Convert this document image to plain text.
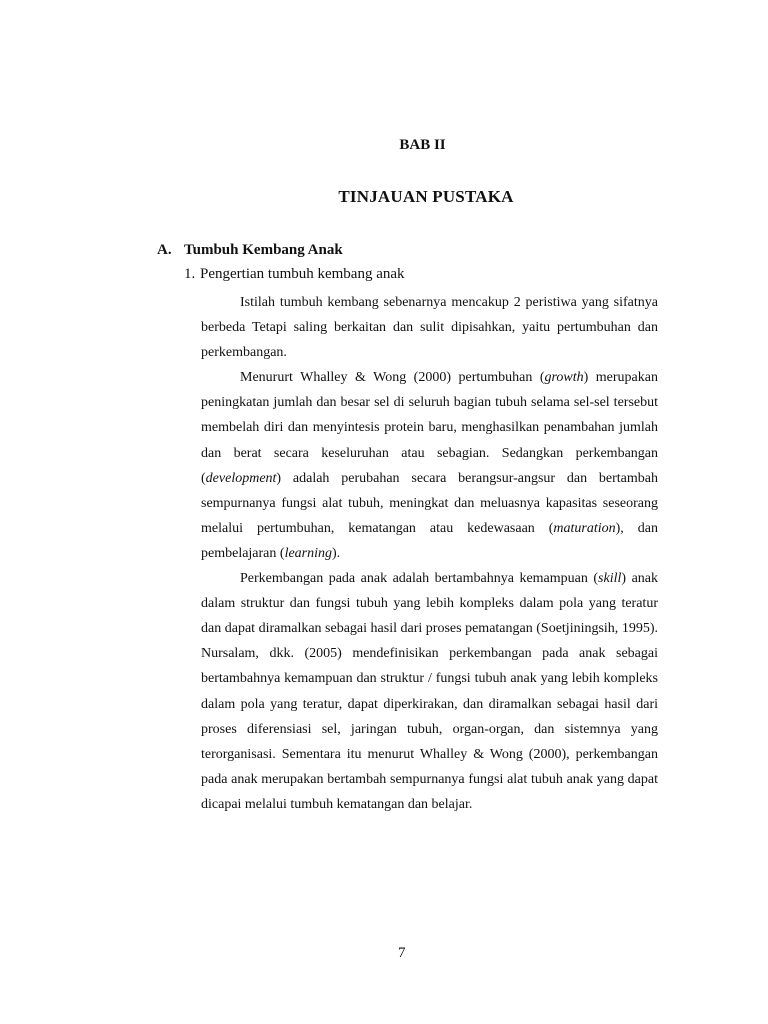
BAB II
TINJAUAN PUSTAKA
A. Tumbuh Kembang Anak
1. Pengertian tumbuh kembang anak

Istilah tumbuh kembang sebenarnya mencakup 2 peristiwa yang sifatnya berbeda Tetapi saling berkaitan dan sulit dipisahkan, yaitu pertumbuhan dan perkembangan.

Menururt Whalley & Wong (2000) pertumbuhan (growth) merupakan peningkatan jumlah dan besar sel di seluruh bagian tubuh selama sel-sel tersebut membelah diri dan menyintesis protein baru, menghasilkan penambahan jumlah dan berat secara keseluruhan atau sebagian. Sedangkan perkembangan (development) adalah perubahan secara berangsur-angsur dan bertambah sempurnanya fungsi alat tubuh, meningkat dan meluasnya kapasitas seseorang melalui pertumbuhan, kematangan atau kedewasaan (maturation), dan pembelajaran (learning).

Perkembangan pada anak adalah bertambahnya kemampuan (skill) anak dalam struktur dan fungsi tubuh yang lebih kompleks dalam pola yang teratur dan dapat diramalkan sebagai hasil dari proses pematangan (Soetjiningsih, 1995). Nursalam, dkk. (2005) mendefinisikan perkembangan pada anak sebagai bertambahnya kemampuan dan struktur / fungsi tubuh anak yang lebih kompleks dalam pola yang teratur, dapat diperkirakan, dan diramalkan sebagai hasil dari proses diferensiasi sel, jaringan tubuh, organ-organ, dan sistemnya yang terorganisasi. Sementara itu menurut Whalley & Wong (2000), perkembangan pada anak merupakan bertambah sempurnanya fungsi alat tubuh anak yang dapat dicapai melalui tumbuh kematangan dan belajar.

7
